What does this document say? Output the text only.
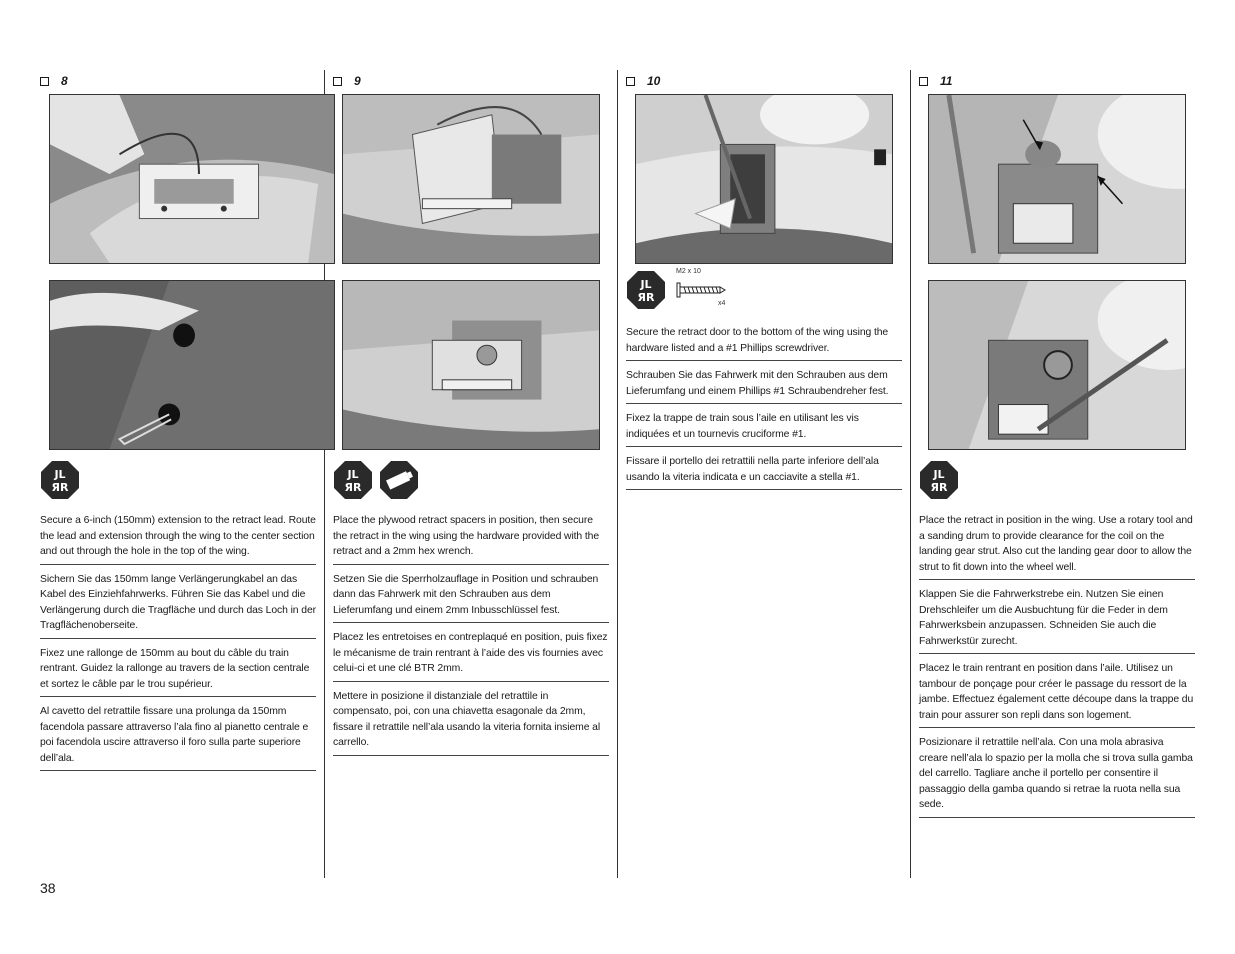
8
JL
ЯR
Secure a 6-inch (150mm) extension to the retract lead. Route the lead and extension through the wing to the center section and out through the hole in the top of the wing.
Sichern Sie das 150mm lange Verlängerungkabel an das Kabel des Einziehfahrwerks. Führen Sie das Kabel und die Verlängerung durch die Tragfläche und durch das Loch in der Tragflächenoberseite.
Fixez une rallonge de 150mm au bout du câble du train rentrant. Guidez la rallonge au travers de la section centrale et sortez le câble par le trou supérieur.
Al cavetto del retrattile fissare una prolunga da 150mm facendola passare attraverso l’ala fino al pianetto centrale e poi facendola uscire attraverso il foro sulla parte superiore dell’ala.
9
JL
ЯR
Place the plywood retract spacers in position, then secure the retract in the wing using the hardware provided with the retract and a 2mm hex wrench.
Setzen Sie die Sperrholzauflage in Position und schrauben dann das Fahrwerk mit den Schrauben aus dem Lieferumfang und einem 2mm Inbusschlüssel fest.
Placez les entretoises en contreplaqué en position, puis fixez le mécanisme de train rentrant à l’aide des vis fournies avec celui-ci et une clé BTR 2mm.
Mettere in posizione il distanziale del retrattile in compensato, poi, con una chiavetta esagonale da 2mm, fissare il retrattile nell’ala usando la viteria fornita insieme al carrello.
10
JL
ЯR
M2 x 10
x4
Secure the retract door to the bottom of the wing using the hardware listed and a #1 Phillips screwdriver.
Schrauben Sie das Fahrwerk mit den Schrauben aus dem Lieferumfang und einem Phillips #1 Schraubendreher fest.
Fixez la trappe de train sous l’aile en utilisant les vis indiquées et un tournevis cruciforme #1.
Fissare il portello dei retrattili nella parte inferiore dell’ala usando la viteria indicata e un cacciavite a stella #1.
11
JL
ЯR
Place the retract in position in the wing. Use a rotary tool and a sanding drum to provide clearance for the coil on the landing gear strut. Also cut the landing gear door to allow the strut to fit down into the wheel well.
Klappen Sie die Fahrwerkstrebe ein. Nutzen Sie einen Drehschleifer um die Ausbuchtung für die Feder in dem Fahrwerksbein anzupassen. Schneiden Sie auch die Fahrwerkstür zurecht.
Placez le train rentrant en position dans l’aile. Utilisez un tambour de ponçage pour créer le passage du ressort de la jambe. Effectuez également cette découpe dans la trappe du train pour assurer son repli dans son logement.
Posizionare il retrattile nell’ala. Con una mola abrasiva creare nell’ala lo spazio per la molla che si trova sulla gamba del carrello. Tagliare anche il portello per consentire il passaggio della gamba quando si retrae la ruota nella sua sede.
38
